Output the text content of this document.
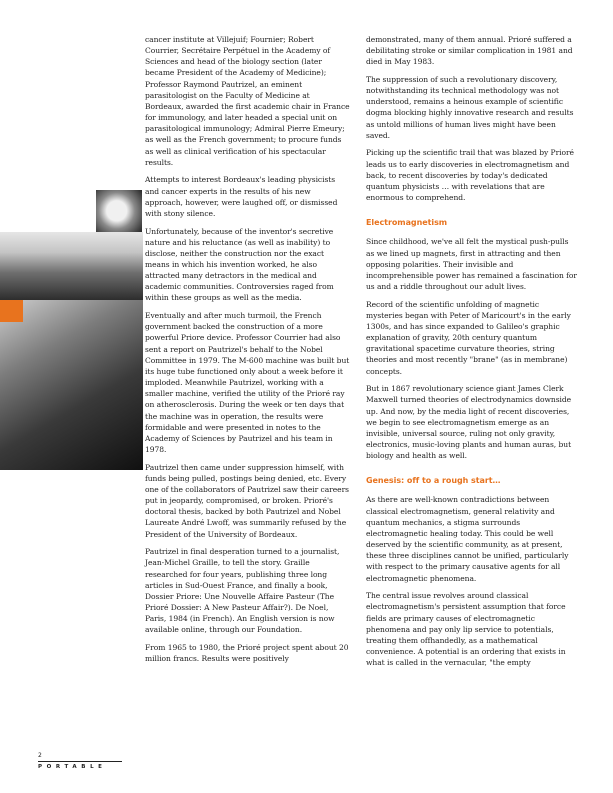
cancer institute at Villejuif; Fournier; Robert Courrier, Secrétaire Perpétuel in the Academy of Sciences and head of the biology section (later became President of the Academy of Medicine); Professor Raymond Pautrizel, an eminent parasitologist on the Faculty of Medicine at Bordeaux, awarded the first academic chair in France for immunology, and later headed a special unit on parasitological immunology; Admiral Pierre Emeury; as well as the French government; to procure funds as well as clinical verification of his spectacular results.

Attempts to interest Bordeaux's leading physicists and cancer experts in the results of his new approach, however, were laughed off, or dismissed with stony silence.

Unfortunately, because of the inventor's secretive nature and his reluctance (as well as inability) to disclose, neither the construction nor the exact means in which his invention worked, he also attracted many detractors in the medical and academic communities. Controversies raged from within these groups as well as the media.

Eventually and after much turmoil, the French government backed the construction of a more powerful Priore device. Professor Courrier had also sent a report on Pautrizel's behalf to the Nobel Committee in 1979. The M-600 machine was built but its huge tube functioned only about a week before it imploded. Meanwhile Pautrizel, working with a smaller machine, verified the utility of the Prioré ray on atherosclerosis. During the week or ten days that the machine was in operation, the results were formidable and were presented in notes to the Academy of Sciences by Pautrizel and his team in 1978.

Pautrizel then came under suppression himself, with funds being pulled, postings being denied, etc. Every one of the collaborators of Pautrizel saw their careers put in jeopardy, compromised, or broken. Prioré's doctoral thesis, backed by both Pautrizel and Nobel Laureate André Lwoff, was summarily refused by the President of the University of Bordeaux.

Pautrizel in final desperation turned to a journalist, Jean-Michel Graille, to tell the story. Graille researched for four years, publishing three long articles in Sud-Ouest France, and finally a book, Dossier Priore: Une Nouvelle Affaire Pasteur (The Prioré Dossier: A New Pasteur Affair?). De Noel, Paris, 1984 (in French). An English version is now available online, through our Foundation.

From 1965 to 1980, the Prioré project spent about 20 million francs. Results were positively

demonstrated, many of them annual. Prioré suffered a debilitating stroke or similar complication in 1981 and died in May 1983.

The suppression of such a revolutionary discovery, notwithstanding its technical methodology was not understood, remains a heinous example of scientific dogma blocking highly innovative research and results as untold millions of human lives might have been saved.

Picking up the scientific trail that was blazed by Prioré leads us to early discoveries in electromagnetism and back, to recent discoveries by today's dedicated quantum physicists … with revelations that are enormous to comprehend.

Electromagnetism

Since childhood, we've all felt the mystical push-pulls as we lined up magnets, first in attracting and then opposing polarities. Their invisible and incomprehensible power has remained a fascination for us and a riddle throughout our adult lives.

Record of the scientific unfolding of magnetic mysteries began with Peter of Maricourt's in the early 1300s, and has since expanded to Galileo's graphic explanation of gravity, 20th century quantum gravitational spacetime curvature theories, string theories and most recently "brane" (as in membrane) concepts.

But in 1867 revolutionary science giant James Clerk Maxwell turned theories of electrodynamics downside up. And now, by the media light of recent discoveries, we begin to see electromagnetism emerge as an invisible, universal source, ruling not only gravity, electronics, music-loving plants and human auras, but biology and health as well.

Genesis: off to a rough start…

As there are well-known contradictions between classical electromagnetism, general relativity and quantum mechanics, a stigma surrounds electromagnetic healing today. This could be well deserved by the scientific community, as at present, these three disciplines cannot be unified, particularly with respect to the primary causative agents for all electromagnetic phenomena.

The central issue revolves around classical electromagnetism's persistent assumption that force fields are primary causes of electromagnetic phenomena and pay only lip service to potentials, treating them offhandedly, as a mathematical convenience. A potential is an ordering that exists in what is called in the vernacular, "the empty

2
PORTABLE
